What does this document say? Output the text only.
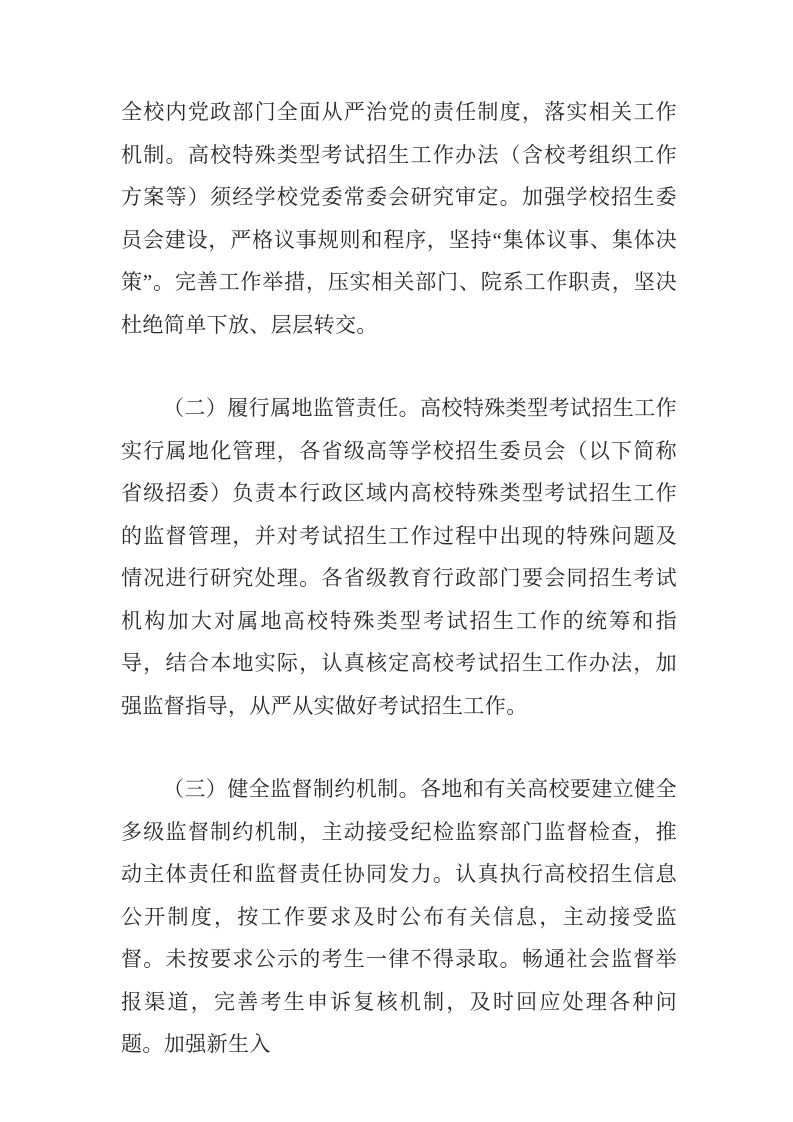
全校内党政部门全面从严治党的责任制度，落实相关工作机制。高校特殊类型考试招生工作办法（含校考组织工作方案等）须经学校党委常委会研究审定。加强学校招生委员会建设，严格议事规则和程序，坚持“集体议事、集体决策”。完善工作举措，压实相关部门、院系工作职责，坚决杜绝简单下放、层层转交。

（二）履行属地监管责任。高校特殊类型考试招生工作实行属地化管理，各省级高等学校招生委员会（以下简称省级招委）负责本行政区域内高校特殊类型考试招生工作的监督管理，并对考试招生工作过程中出现的特殊问题及情况进行研究处理。各省级教育行政部门要会同招生考试机构加大对属地高校特殊类型考试招生工作的统筹和指导，结合本地实际，认真核定高校考试招生工作办法，加强监督指导，从严从实做好考试招生工作。

（三）健全监督制约机制。各地和有关高校要建立健全多级监督制约机制，主动接受纪检监察部门监督检查，推动主体责任和监督责任协同发力。认真执行高校招生信息公开制度，按工作要求及时公布有关信息，主动接受监督。未按要求公示的考生一律不得录取。畅通社会监督举报渠道，完善考生申诉复核机制，及时回应处理各种问题。加强新生入
